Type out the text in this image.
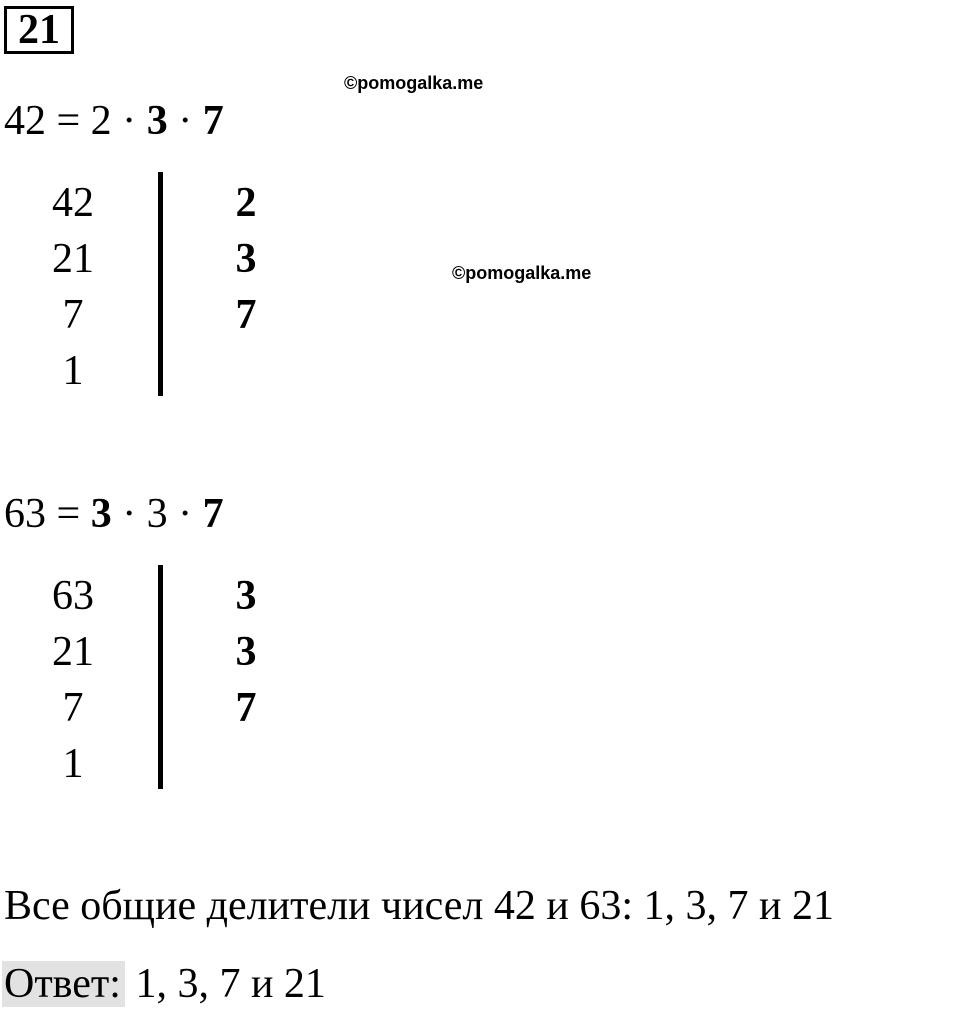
21
©pomogalka.me
©pomogalka.me
42 = 2 · 3 · 7
42
21
7
1
2
3
7
63 = 3 · 3 · 7
63
21
7
1
3
3
7
Все общие делители чисел 42 и 63: 1, 3, 7 и 21
Ответ: 1, 3, 7 и 21
